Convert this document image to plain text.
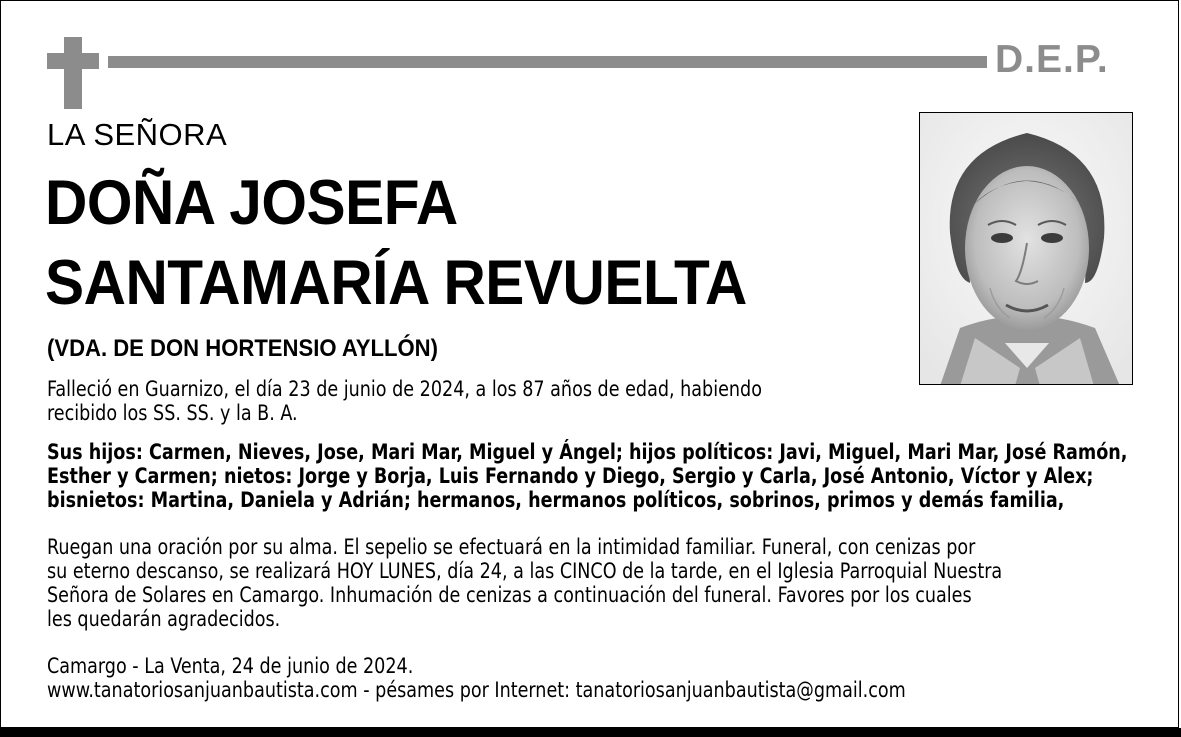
D.E.P.
LA SEÑORA
DOÑA JOSEFA
SANTAMARÍA REVUELTA
(VDA. DE DON HORTENSIO AYLLÓN)
Falleció en Guarnizo, el día 23 de junio de 2024, a los 87 años de edad, habiendo
recibido los SS. SS. y la B. A.
Sus hijos: Carmen, Nieves, Jose, Mari Mar, Miguel y Ángel; hijos políticos: Javi, Miguel, Mari Mar, José Ramón,
Esther y Carmen; nietos: Jorge y Borja, Luis Fernando y Diego, Sergio y Carla, José Antonio, Víctor y Alex;
bisnietos: Martina, Daniela y Adrián; hermanos, hermanos políticos, sobrinos, primos y demás familia,
Ruegan una oración por su alma. El sepelio se efectuará en la intimidad familiar. Funeral, con cenizas por
su eterno descanso, se realizará HOY LUNES, día 24, a las CINCO de la tarde, en el Iglesia Parroquial Nuestra
Señora de Solares en Camargo. Inhumación de cenizas a continuación del funeral. Favores por los cuales
les quedarán agradecidos.
Camargo - La Venta, 24 de junio de 2024.
www.tanatoriosanjuanbautista.com - pésames por Internet: tanatoriosanjuanbautista@gmail.com
